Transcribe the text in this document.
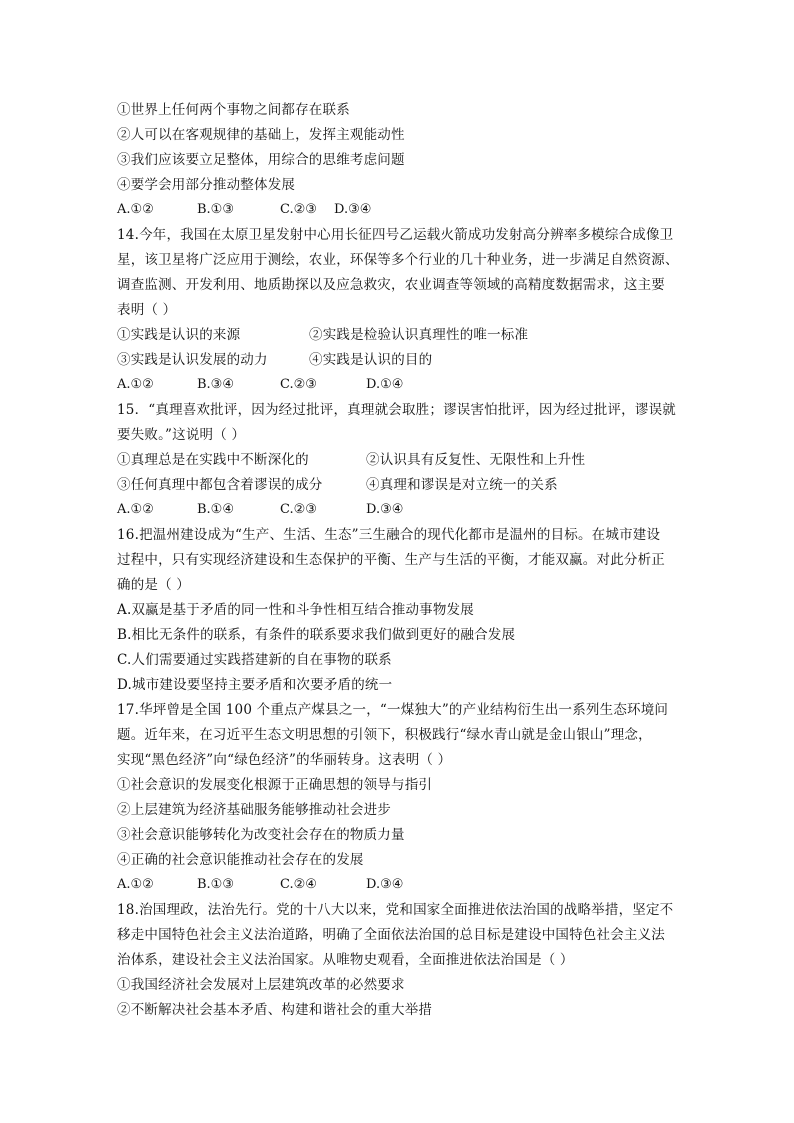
①世界上任何两个事物之间都存在联系
②人可以在客观规律的基础上，发挥主观能动性
③我们应该要立足整体，用综合的思维考虑问题
④要学会用部分推动整体发展
A.①②	B.①③	C.②③ D.③④
14.今年，我国在太原卫星发射中心用长征四号乙运载火箭成功发射高分辨率多模综合成像卫
星，该卫星将广泛应用于测绘，农业，环保等多个行业的几十种业务，进一步满足自然资源、
调查监测、开发利用、地质勘探以及应急救灾，农业调查等领域的高精度数据需求，这主要
表明（ ）
①实践是认识的来源	②实践是检验认识真理性的唯一标准
③实践是认识发展的动力	④实践是认识的目的
A.①②	B.③④	C.②③	D.①④
15．“真理喜欢批评，因为经过批评，真理就会取胜；谬误害怕批评，因为经过批评，谬误就
要失败。”这说明（ ）
①真理总是在实践中不断深化的	②认识具有反复性、无限性和上升性
③任何真理中都包含着谬误的成分	④真理和谬误是对立统一的关系
A.①②	B.①④	C.②③	D.③④
16.把温州建设成为“生产、生活、生态”三生融合的现代化都市是温州的目标。在城市建设
过程中，只有实现经济建设和生态保护的平衡、生产与生活的平衡，才能双赢。对此分析正
确的是（ ）
A.双赢是基于矛盾的同一性和斗争性相互结合推动事物发展
B.相比无条件的联系，有条件的联系要求我们做到更好的融合发展
C.人们需要通过实践搭建新的自在事物的联系
D.城市建设要坚持主要矛盾和次要矛盾的统一
17.华坪曾是全国 100 个重点产煤县之一，“一煤独大”的产业结构衍生出一系列生态环境问
题。近年来，在习近平生态文明思想的引领下，积极践行“绿水青山就是金山银山”理念，
实现“黑色经济”向“绿色经济”的华丽转身。这表明（ ）
①社会意识的发展变化根源于正确思想的领导与指引
②上层建筑为经济基础服务能够推动社会进步
③社会意识能够转化为改变社会存在的物质力量
④正确的社会意识能推动社会存在的发展
A.①②	B.①③	C.②④	D.③④
18.治国理政，法治先行。党的十八大以来，党和国家全面推进依法治国的战略举措，坚定不
移走中国特色社会主义法治道路，明确了全面依法治国的总目标是建设中国特色社会主义法
治体系，建设社会主义法治国家。从唯物史观看，全面推进依法治国是（ ）
①我国经济社会发展对上层建筑改革的必然要求
②不断解决社会基本矛盾、构建和谐社会的重大举措
